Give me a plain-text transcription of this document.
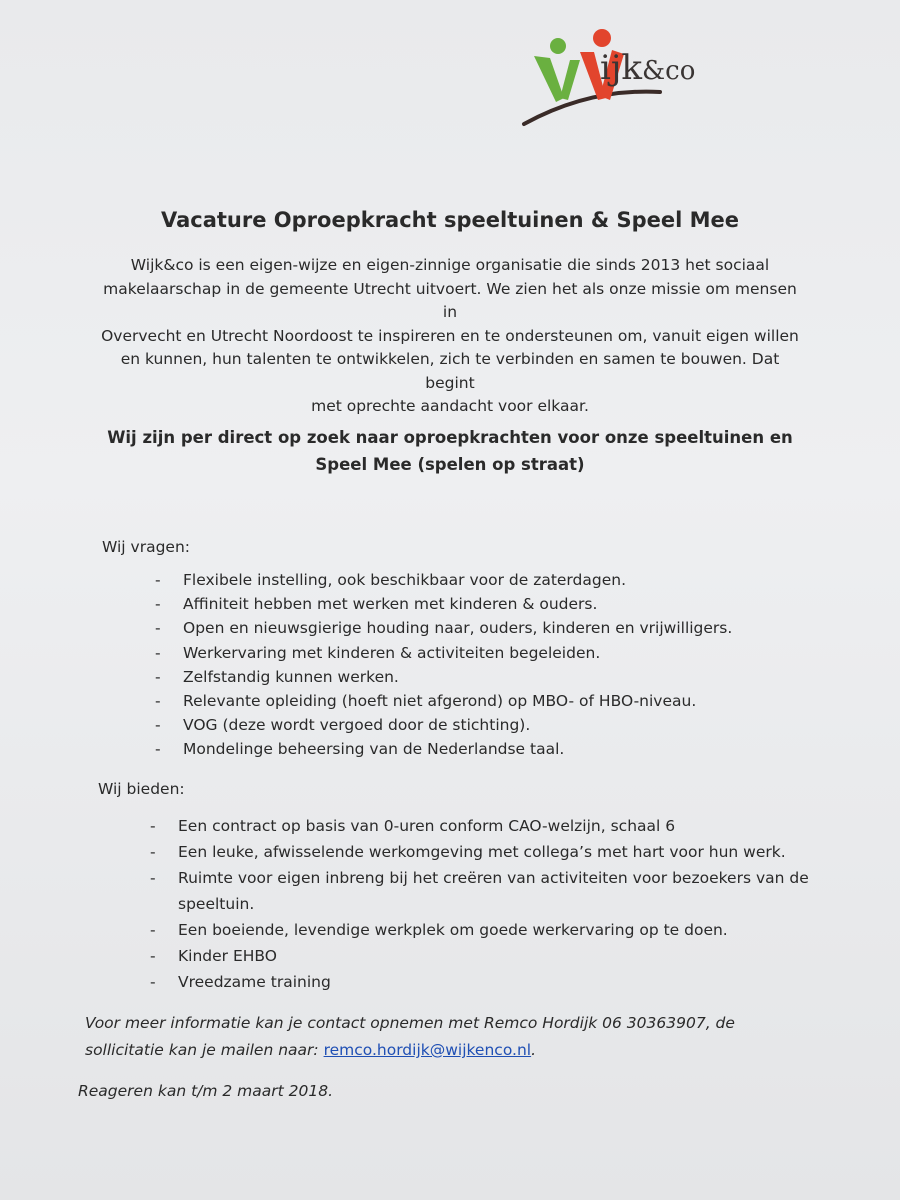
ijk&co
Vacature Oproepkracht speeltuinen & Speel Mee
Wijk&co is een eigen-wijze en eigen-zinnige organisatie die sinds 2013 het sociaal
makelaarschap in de gemeente Utrecht uitvoert. We zien het als onze missie om mensen in
Overvecht en Utrecht Noordoost te inspireren en te ondersteunen om, vanuit eigen willen
en kunnen, hun talenten te ontwikkelen, zich te verbinden en samen te bouwen. Dat begint
met oprechte aandacht voor elkaar.
Wij zijn per direct op zoek naar oproepkrachten voor onze speeltuinen en
Speel Mee (spelen op straat)

Wij vragen:

- Flexibele instelling, ook beschikbaar voor de zaterdagen.
- Affiniteit hebben met werken met kinderen & ouders.
- Open en nieuwsgierige houding naar, ouders, kinderen en vrijwilligers.
- Werkervaring met kinderen & activiteiten begeleiden.
- Zelfstandig kunnen werken.
- Relevante opleiding (hoeft niet afgerond) op MBO- of HBO-niveau.
- VOG (deze wordt vergoed door de stichting).
- Mondelinge beheersing van de Nederlandse taal.

Wij bieden:

- Een contract op basis van 0-uren conform CAO-welzijn, schaal 6
- Een leuke, afwisselende werkomgeving met collega’s met hart voor hun werk.
- Ruimte voor eigen inbreng bij het creëren van activiteiten voor bezoekers van de speeltuin.
- Een boeiende, levendige werkplek om goede werkervaring op te doen.
- Kinder EHBO
- Vreedzame training
Voor meer informatie kan je contact opnemen met Remco Hordijk 06 30363907, de
sollicitatie kan je mailen naar: remco.hordijk@wijkenco.nl.

Reageren kan t/m 2 maart 2018.
